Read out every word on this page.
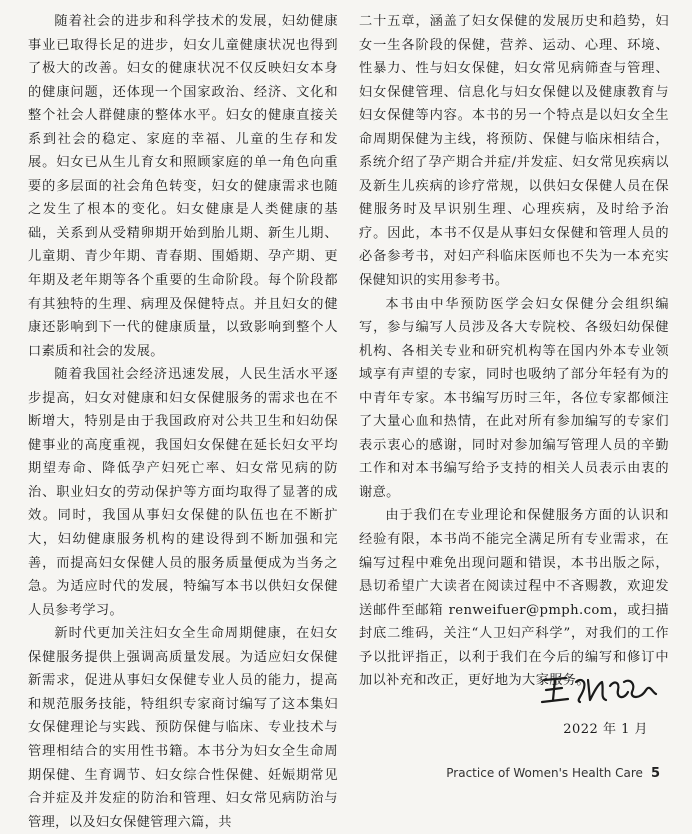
随着社会的进步和科学技术的发展，妇幼健康事业已取得长足的进步，妇女儿童健康状况也得到了极大的改善。妇女的健康状况不仅反映妇女本身的健康问题，还体现一个国家政治、经济、文化和整个社会人群健康的整体水平。妇女的健康直接关系到社会的稳定、家庭的幸福、儿童的生存和发展。妇女已从生儿育女和照顾家庭的单一角色向重要的多层面的社会角色转变，妇女的健康需求也随之发生了根本的变化。妇女健康是人类健康的基础，关系到从受精卵期开始到胎儿期、新生儿期、儿童期、青少年期、青春期、围婚期、孕产期、更年期及老年期等各个重要的生命阶段。每个阶段都有其独特的生理、病理及保健特点。并且妇女的健康还影响到下一代的健康质量，以致影响到整个人口素质和社会的发展。

随着我国社会经济迅速发展，人民生活水平逐步提高，妇女对健康和妇女保健服务的需求也在不断增大，特别是由于我国政府对公共卫生和妇幼保健事业的高度重视，我国妇女保健在延长妇女平均期望寿命、降低孕产妇死亡率、妇女常见病的防治、职业妇女的劳动保护等方面均取得了显著的成效。同时，我国从事妇女保健的队伍也在不断扩大，妇幼健康服务机构的建设得到不断加强和完善，而提高妇女保健人员的服务质量便成为当务之急。为适应时代的发展，特编写本书以供妇女保健人员参考学习。

新时代更加关注妇女全生命周期健康，在妇女保健服务提供上强调高质量发展。为适应妇女保健新需求，促进从事妇女保健专业人员的能力，提高和规范服务技能，特组织专家商讨编写了这本集妇女保健理论与实践、预防保健与临床、专业技术与管理相结合的实用性书籍。本书分为妇女全生命周期保健、生育调节、妇女综合性保健、妊娠期常见合并症及并发症的防治和管理、妇女常见病防治与管理，以及妇女保健管理六篇，共

二十五章，涵盖了妇女保健的发展历史和趋势，妇女一生各阶段的保健，营养、运动、心理、环境、性暴力、性与妇女保健，妇女常见病筛查与管理、妇女保健管理、信息化与妇女保健以及健康教育与妇女保健等内容。本书的另一个特点是以妇女全生命周期保健为主线，将预防、保健与临床相结合，系统介绍了孕产期合并症/并发症、妇女常见疾病以及新生儿疾病的诊疗常规，以供妇女保健人员在保健服务时及早识别生理、心理疾病，及时给予治疗。因此，本书不仅是从事妇女保健和管理人员的必备参考书，对妇产科临床医师也不失为一本充实保健知识的实用参考书。

本书由中华预防医学会妇女保健分会组织编写，参与编写人员涉及各大专院校、各级妇幼保健机构、各相关专业和研究机构等在国内外本专业领域享有声望的专家，同时也吸纳了部分年轻有为的中青年专家。本书编写历时三年，各位专家都倾注了大量心血和热情，在此对所有参加编写的专家们表示衷心的感谢，同时对参加编写管理人员的辛勤工作和对本书编写给予支持的相关人员表示由衷的谢意。

由于我们在专业理论和保健服务方面的认识和经验有限，本书尚不能完全满足所有专业需求，在编写过程中难免出现问题和错误，本书出版之际，恳切希望广大读者在阅读过程中不吝赐教，欢迎发送邮件至邮箱 renweifuer@pmph.com，或扫描封底二维码，关注“人卫妇产科学”，对我们的工作予以批评指正，以利于我们在今后的编写和修订中加以补充和改正，更好地为大家服务。

2022 年 1 月
Practice of Women's Health Care 5
